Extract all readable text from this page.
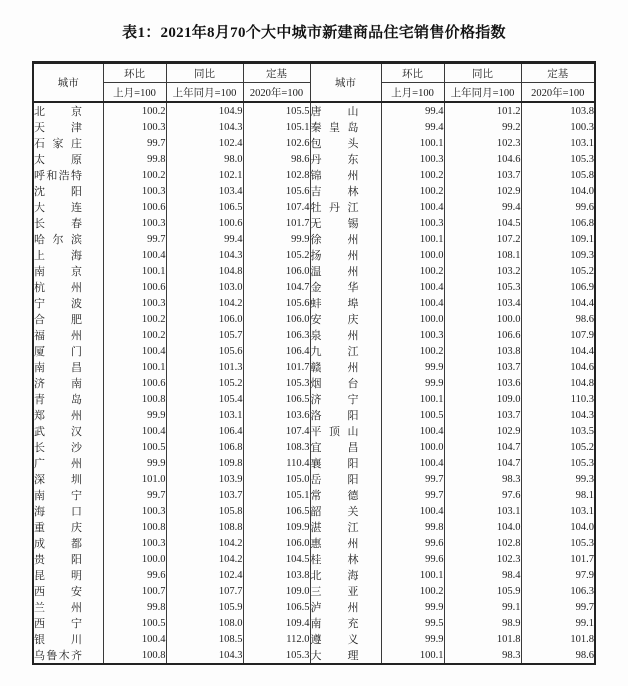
表1：2021年8月70个大中城市新建商品住宅销售价格指数
城市	环比	同比	定基	城市	环比	同比	定基
	上月=100	上年同月=100	2020年=100		上月=100	上年同月=100	2020年=100
北京	100.2	104.9	105.5	唐山	99.4	101.2	103.8
天津	100.3	104.3	105.1	秦皇岛	99.4	99.2	100.3
石家庄	99.7	102.4	102.6	包头	100.1	102.3	103.1
太原	99.8	98.0	98.6	丹东	100.3	104.6	105.3
呼和浩特	100.2	102.1	102.8	锦州	100.2	103.7	105.8
沈阳	100.3	103.4	105.6	吉林	100.2	102.9	104.0
大连	100.6	106.5	107.4	牡丹江	100.4	99.4	99.6
长春	100.3	100.6	101.7	无锡	100.3	104.5	106.8
哈尔滨	99.7	99.4	99.9	徐州	100.1	107.2	109.1
上海	100.4	104.3	105.2	扬州	100.0	108.1	109.3
南京	100.1	104.8	106.0	温州	100.2	103.2	105.2
杭州	100.6	103.0	104.7	金华	100.4	105.3	106.9
宁波	100.3	104.2	105.6	蚌埠	100.4	103.4	104.4
合肥	100.2	106.0	106.0	安庆	100.0	100.0	98.6
福州	100.2	105.7	106.3	泉州	100.3	106.6	107.9
厦门	100.4	105.6	106.4	九江	100.2	103.8	104.4
南昌	100.1	101.3	101.7	赣州	99.9	103.7	104.6
济南	100.6	105.2	105.3	烟台	99.9	103.6	104.8
青岛	100.8	105.4	106.5	济宁	100.1	109.0	110.3
郑州	99.9	103.1	103.6	洛阳	100.5	103.7	104.3
武汉	100.4	106.4	107.4	平顶山	100.4	102.9	103.5
长沙	100.5	106.8	108.3	宜昌	100.0	104.7	105.2
广州	99.9	109.8	110.4	襄阳	100.4	104.7	105.3
深圳	101.0	103.9	105.0	岳阳	99.7	98.3	99.3
南宁	99.7	103.7	105.1	常德	99.7	97.6	98.1
海口	100.3	105.8	106.5	韶关	100.4	103.1	103.1
重庆	100.8	108.8	109.9	湛江	99.8	104.0	104.0
成都	100.3	104.2	106.0	惠州	99.6	102.8	105.3
贵阳	100.0	104.2	104.5	桂林	99.6	102.3	101.7
昆明	99.6	102.4	103.8	北海	100.1	98.4	97.9
西安	100.7	107.7	109.0	三亚	100.2	105.9	106.3
兰州	99.8	105.9	106.5	泸州	99.9	99.1	99.7
西宁	100.5	108.0	109.4	南充	99.5	98.9	99.1
银川	100.4	108.5	112.0	遵义	99.9	101.8	101.8
乌鲁木齐	100.8	104.3	105.3	大理	100.1	98.3	98.6
